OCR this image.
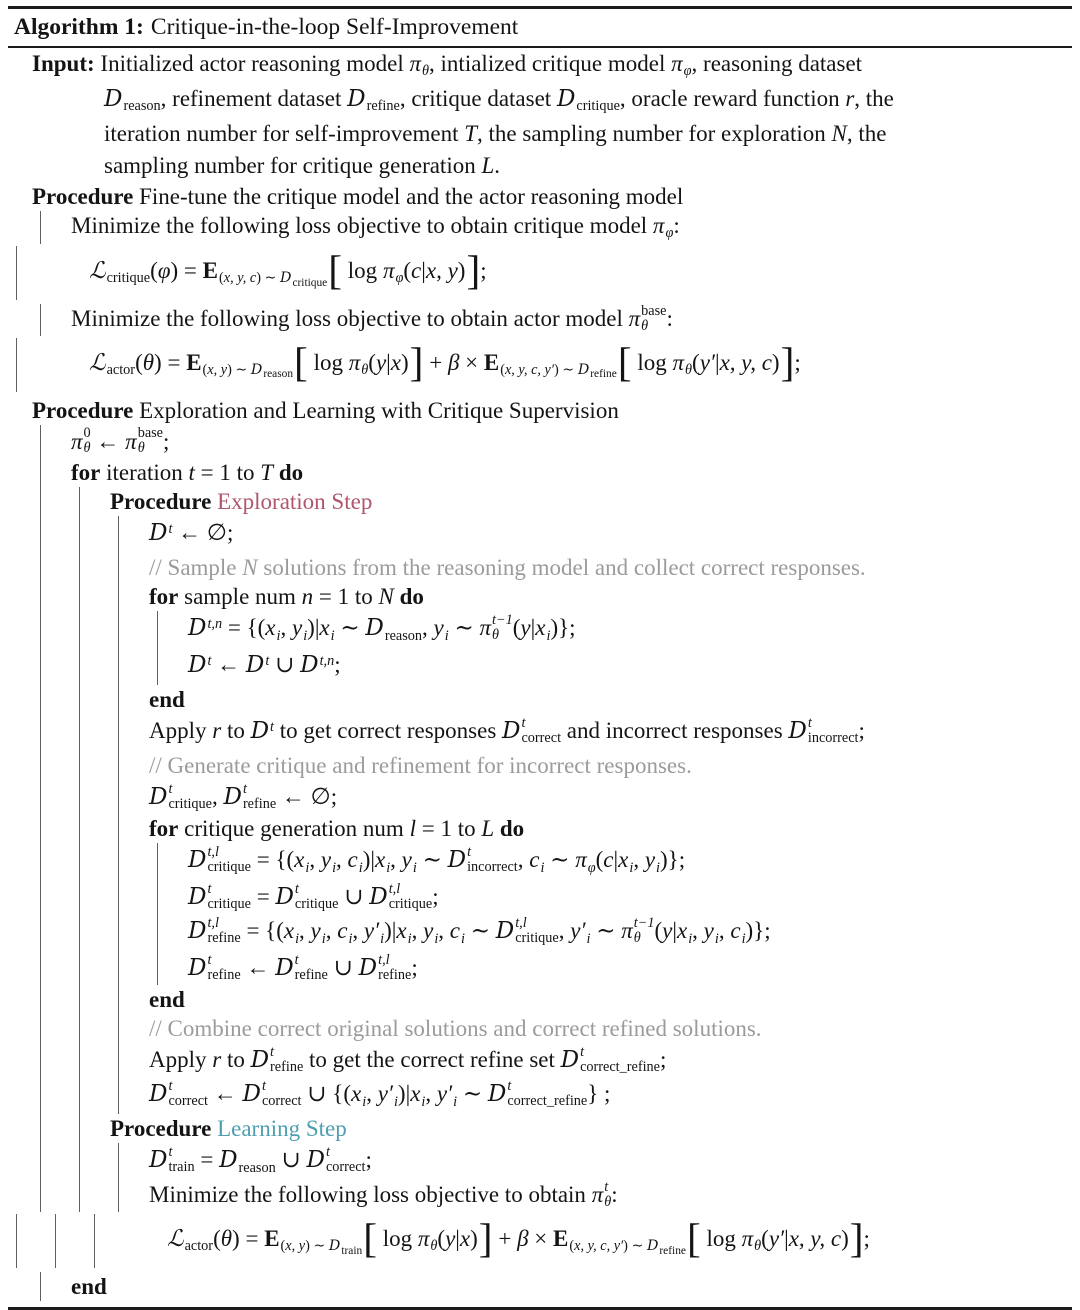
Algorithm 1: Critique-in-the-loop Self-Improvement
Input: Initialized actor reasoning model πθ, intialized critique model πφ, reasoning dataset
Dreason, refinement dataset Drefine, critique dataset Dcritique, oracle reward function r, the
iteration number for self-improvement T, the sampling number for exploration N, the
sampling number for critique generation L.
Procedure Fine-tune the critique model and the actor reasoning model
Minimize the following loss objective to obtain critique model πφ:
ℒcritique(φ) = E(x, y, c) ∼ $D_{critique}$[ log πφ(c|x, y)];
Minimize the following loss objective to obtain actor model π base
θ :
ℒactor(θ) = E(x, y) ∼ $D_{reason}$[ log πθ(y|x)] + β × E(x, y, c, y′) ∼ $D_{refine}$[ log πθ(y′|x, y, c)];
Procedure Exploration and Learning with Critique Supervision
π 0
θ ← π base
θ ;
for iteration t = 1 to T do
Procedure Exploration Step
$D^t$ ← ∅;
// Sample N solutions from the reasoning model and collect correct responses.
for sample num n = 1 to N do
D$^{t,n}$ = {(xi, yi)|xi ∼ Dreason, yi ∼ π t−1
θ (y|xi)};
$D^t$ ← $D^t$ ∪ D$^{t,n}$;
end
Apply r to $D^t$ to get correct responses D t
correct and incorrect responses D t
incorrect ;
// Generate critique and refinement for incorrect responses.
D t
critique , D t
refine ← ∅;
for critique generation num l = 1 to L do
D t,l
critique = {(xi, yi, ci)|xi, yi ∼ D t
incorrect , ci ∼ πφ(c|xi, yi)};
D t
critique = D t
critique ∪ D t,l
critique ;
D t,l
refine = {(xi, yi, ci, y′i)|xi, yi, ci ∼ D t,l
critique , y′i ∼ π t−1
θ (y|xi, yi, ci)};
D t
refine ← D t
refine ∪ D t,l
refine ;
end
// Combine correct original solutions and correct refined solutions.
Apply r to D t
refine to get the correct refine set D t
correct_refine ;
D t
correct ← D t
correct ∪ {(xi, y′i)|xi, y′i ∼ D t
correct_refine } ;
Procedure Learning Step
D t
train = Dreason ∪ D t
correct ;
Minimize the following loss objective to obtain π t
θ :
ℒactor(θ) = E(x, y) ∼ $D_{train}$[ log πθ(y|x)] + β × E(x, y, c, y′) ∼ $D_{refine}$[ log πθ(y′|x, y, c)];
end
